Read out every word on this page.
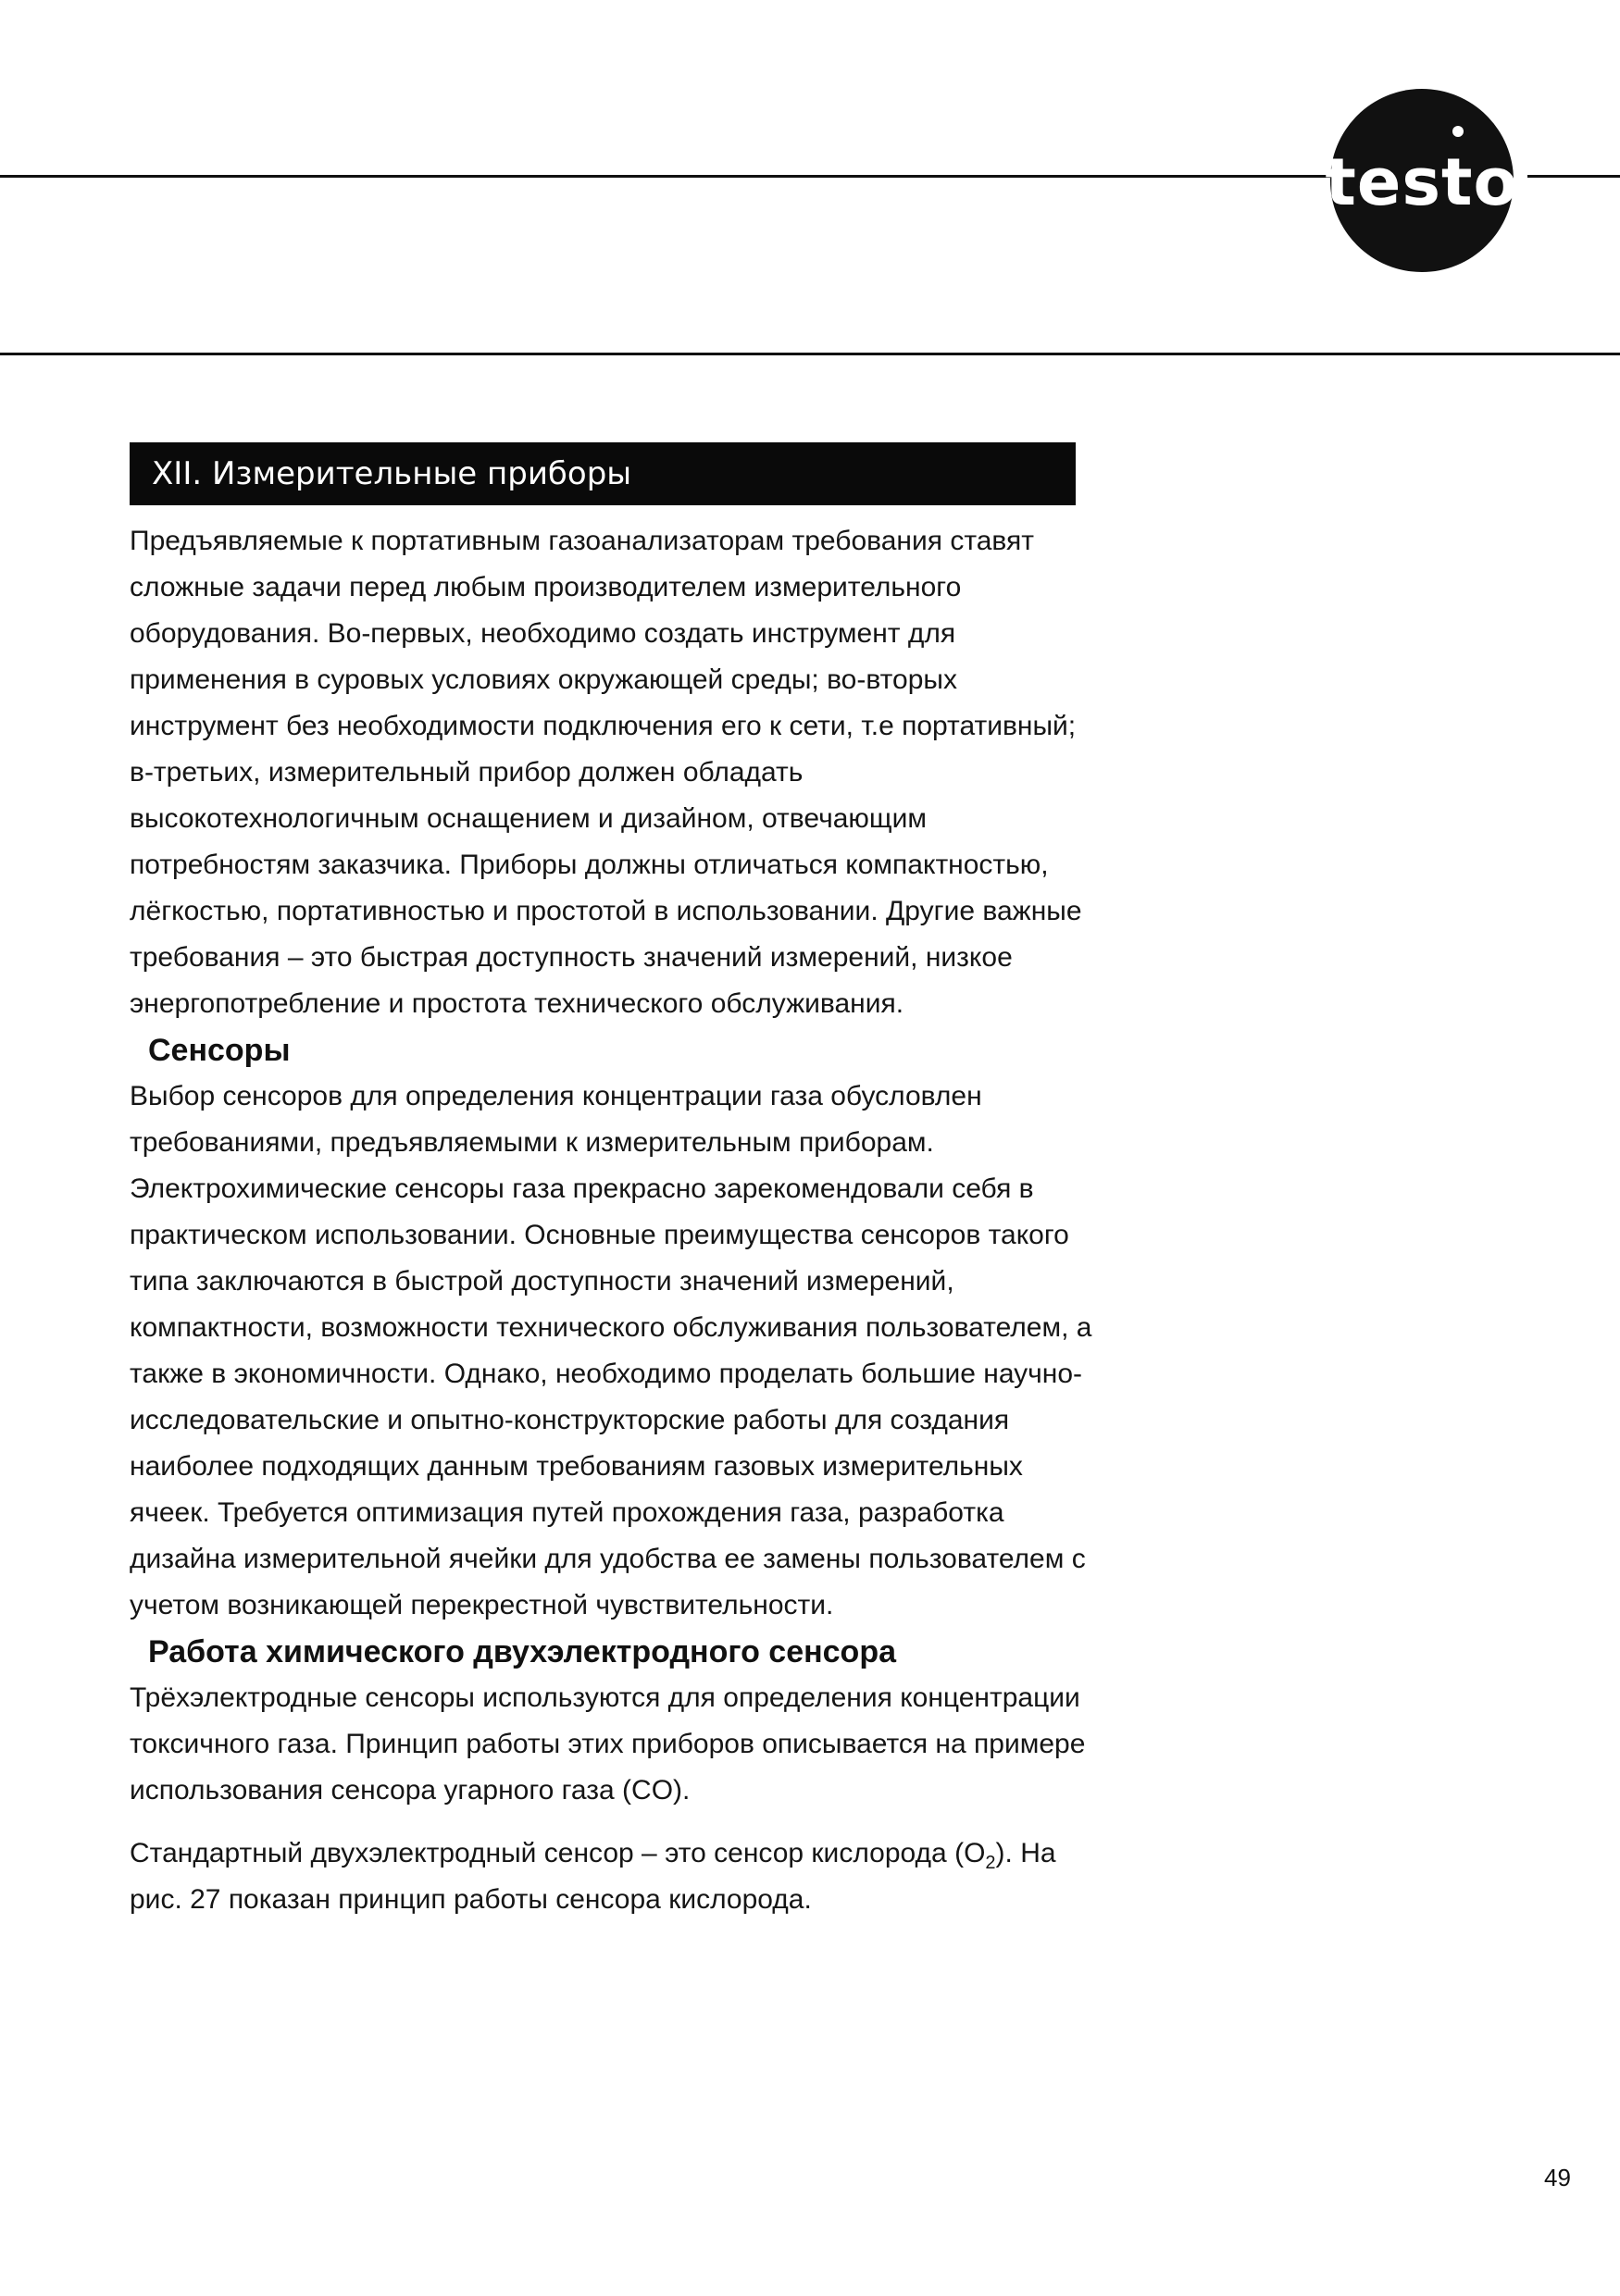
testo
XII. Измерительные приборы

Предъявляемые к портативным газоанализаторам требования ставят сложные задачи перед любым производителем измерительного оборудования. Во-первых, необходимо создать инструмент для применения в суровых условиях окружающей среды; во-вторых инструмент без необходимости подключения его к сети, т.е портативный; в-третьих, измерительный прибор должен обладать высокотехнологичным оснащением и дизайном, отвечающим потребностям заказчика. Приборы должны отличаться компактностью, лёгкостью, портативностью и простотой в использовании. Другие важные требования – это быстрая доступность значений измерений, низкое энергопотребление и простота технического обслуживания.

Сенсоры

Выбор сенсоров для определения концентрации газа обусловлен требованиями, предъявляемыми к измерительным приборам. Электрохимические сенсоры газа прекрасно зарекомендовали себя в практическом использовании. Основные преимущества сенсоров такого типа заключаются в быстрой доступности значений измерений, компактности, возможности технического обслуживания пользователем, а также в экономичности. Однако, необходимо проделать большие научно-исследовательские и опытно-конструкторские работы для создания наиболее подходящих данным требованиям газовых измерительных ячеек. Требуется оптимизация путей прохождения газа, разработка дизайна измерительной ячейки для удобства ее замены пользователем с учетом возникающей перекрестной чувствительности.

Работа химического двухэлектродного сенсора

Трёхэлектродные сенсоры используются для определения концентрации токсичного газа. Принцип работы этих приборов описывается на примере использования сенсора угарного газа (CO).

Стандартный двухэлектродный сенсор – это сенсор кислорода $(O_2)$. На рис. 27 показан принцип работы сенсора кислорода.

49
